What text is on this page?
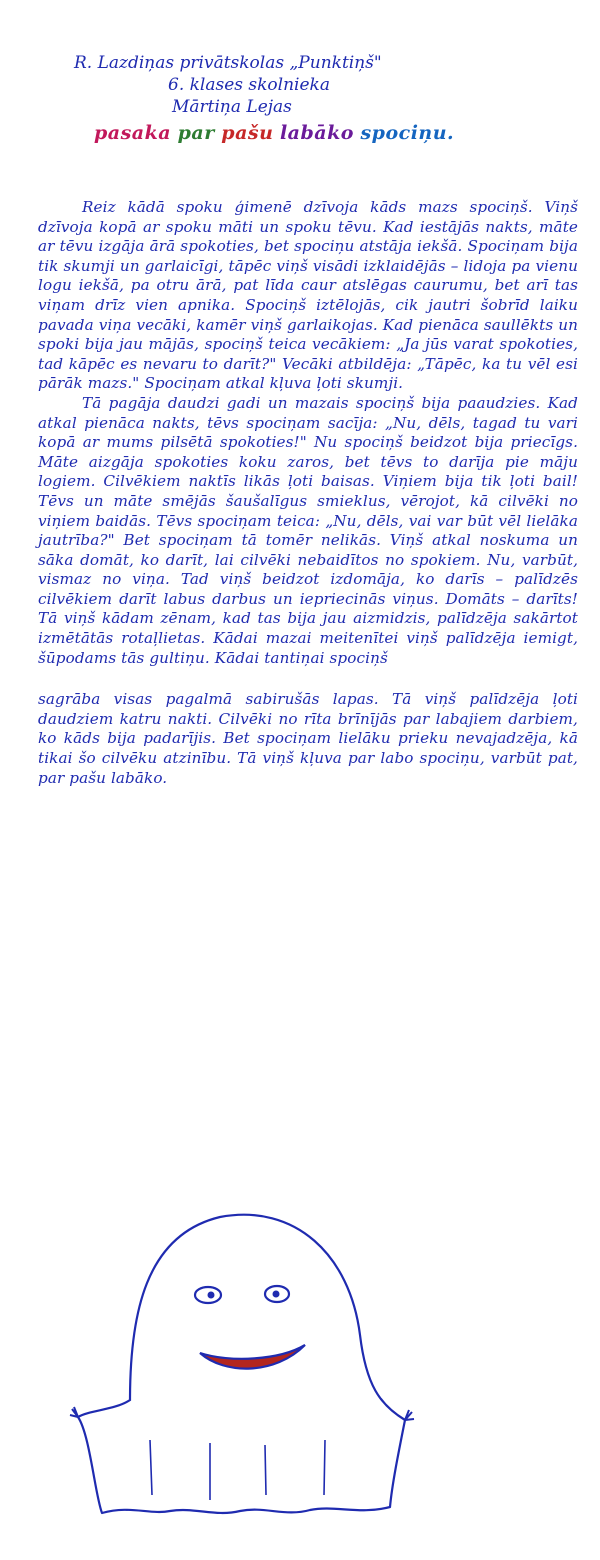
R. Lazdiņas privātskolas „Punktiņš"
6. klases skolnieka
Mārtiņa Lejas
pasaka par pašu labāko spociņu.

Reiz kādā spoku ģimenē dzīvoja kāds mazs spociņš. Viņš dzīvoja kopā ar spoku māti un spoku tēvu. Kad iestājās nakts, māte ar tēvu izgāja ārā spokoties, bet spociņu atstāja iekšā. Spociņam bija tik skumji un garlaicīgi, tāpēc viņš visādi izklaidējās – lidoja pa vienu logu iekšā, pa otru ārā, pat līda caur atslēgas caurumu, bet arī tas viņam drīz vien apnika. Spociņš iztēlojās, cik jautri šobrīd laiku pavada viņa vecāki, kamēr viņš garlaikojas. Kad pienāca saullēkts un spoki bija jau mājās, spociņš teica vecākiem: „Ja jūs varat spokoties, tad kāpēc es nevaru to darīt?" Vecāki atbildēja: „Tāpēc, ka tu vēl esi pārāk mazs." Spociņam atkal kļuva ļoti skumji.

Tā pagāja daudzi gadi un mazais spociņš bija paaudzies. Kad atkal pienāca nakts, tēvs spociņam sacīja: „Nu, dēls, tagad tu vari kopā ar mums pilsētā spokoties!" Nu spociņš beidzot bija priecīgs. Māte aizgāja spokoties koku zaros, bet tēvs to darīja pie māju logiem. Cilvēkiem naktīs likās ļoti baisas. Viņiem bija tik ļoti bail! Tēvs un māte smējās šaušalīgus smieklus, vērojot, kā cilvēki no viņiem baidās. Tēvs spociņam teica: „Nu, dēls, vai var būt vēl lielāka jautrība?" Bet spociņam tā tomēr nelikās. Viņš atkal noskuma un sāka domāt, ko darīt, lai cilvēki nebaidītos no spokiem. Nu, varbūt, vismaz no viņa. Tad viņš beidzot izdomāja, ko darīs – palīdzēs cilvēkiem darīt labus darbus un iepriecinās viņus. Domāts – darīts! Tā viņš kādam zēnam, kad tas bija jau aizmidzis, palīdzēja sakārtot izmētātās rotaļlietas. Kādai mazai meitenītei viņš palīdzēja iemigt, šūpodams tās gultiņu. Kādai tantiņai spociņš

sagrāba visas pagalmā sabirušās lapas. Tā viņš palīdzēja ļoti daudziem katru nakti. Cilvēki no rīta brīnījās par labajiem darbiem, ko kāds bija padarījis. Bet spociņam lielāku prieku nevajadzēja, kā tikai šo cilvēku atzinību. Tā viņš kļuva par labo spociņu, varbūt pat, par pašu labāko.
